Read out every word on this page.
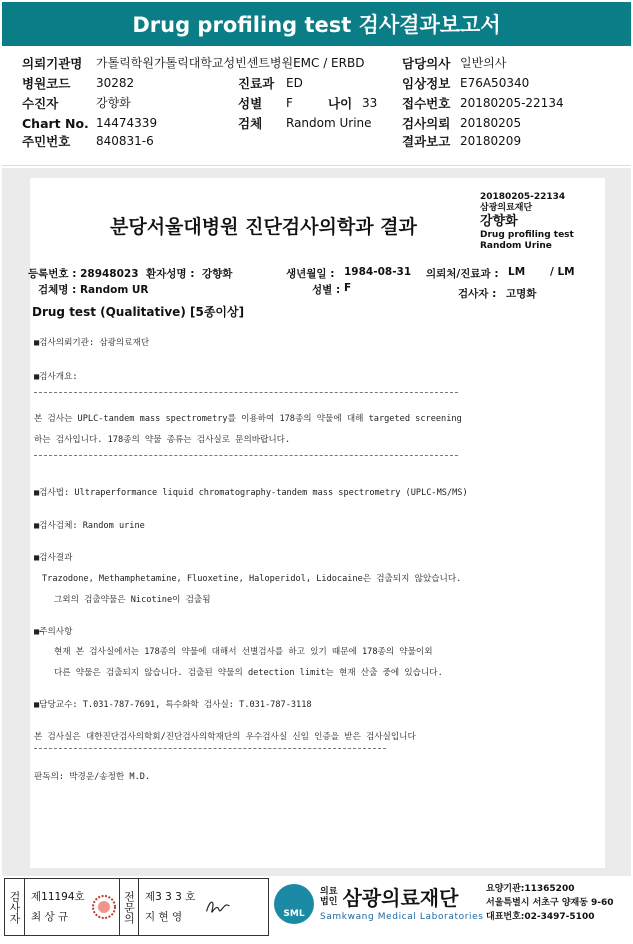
Drug profiling test 검사결과보고서
의뢰기관명 가톨릭학원가톨릭대학교성빈센트병원EMC / ERBD	담당의사 일반의사
병원코드 30282	진료과 ED	임상정보 E76A50340
수진자	강향화	성별 F	나이 33 접수번호 20180205-22134
Chart No. 14474339	검체 Random Urine 검사의뢰 20180205
주민번호 840831-6	결과보고 20180209
분당서울대병원 진단검사의학과 결과
20180205-22134
삼광의료재단
강향화
Drug profiling test
Random Urine
등록번호 : 28948023 환자성명 : 강향화	생년월일 : 1984-08-31 의뢰처/진료과 : LM / LM
검체명 : Random UR	성별 : F	검사자 : 고명화
Drug test (Qualitative) [5종이상]
■검사의뢰기관: 삼광의료재단
■검사개요:
본 검사는 UPLC-tandem mass spectrometry를 이용하여 178종의 약물에 대해 targeted screening
하는 검사입니다. 178종의 약물 종류는 검사실로 문의바랍니다.
■검사법: Ultraperformance liquid chromatography-tandem mass spectrometry (UPLC-MS/MS)
■검사검체: Random urine
■검사결과
Trazodone, Methamphetamine, Fluoxetine, Haloperidol, Lidocaine은 검출되지 않았습니다.
그외의 검출약물은 Nicotine이 검출됨
■주의사항
현재 본 검사실에서는 178종의 약물에 대해서 선별검사를 하고 있기 때문에 178종의 약물이외
다른 약물은 검출되지 않습니다. 검출된 약물의 detection limit는 현재 산출 중에 있습니다.
■담당교수: T.031-787-7691, 특수화학 검사실: T.031-787-3118
본 검사실은 대한진단검사의학회/진단검사의학재단의 우수검사실 신임 인증을 받은 검사실입니다
판독의: 박경운/송정한 M.D.
검사자 제11194호
최 상 규	전문의 제3 3 3 호
지 현 영	SML
의료
법인 삼광의료재단
Samkwang Medical Laboratories
요양기관:11365200
서울특별시 서초구 양재동 9-60
대표번호:02-3497-5100
